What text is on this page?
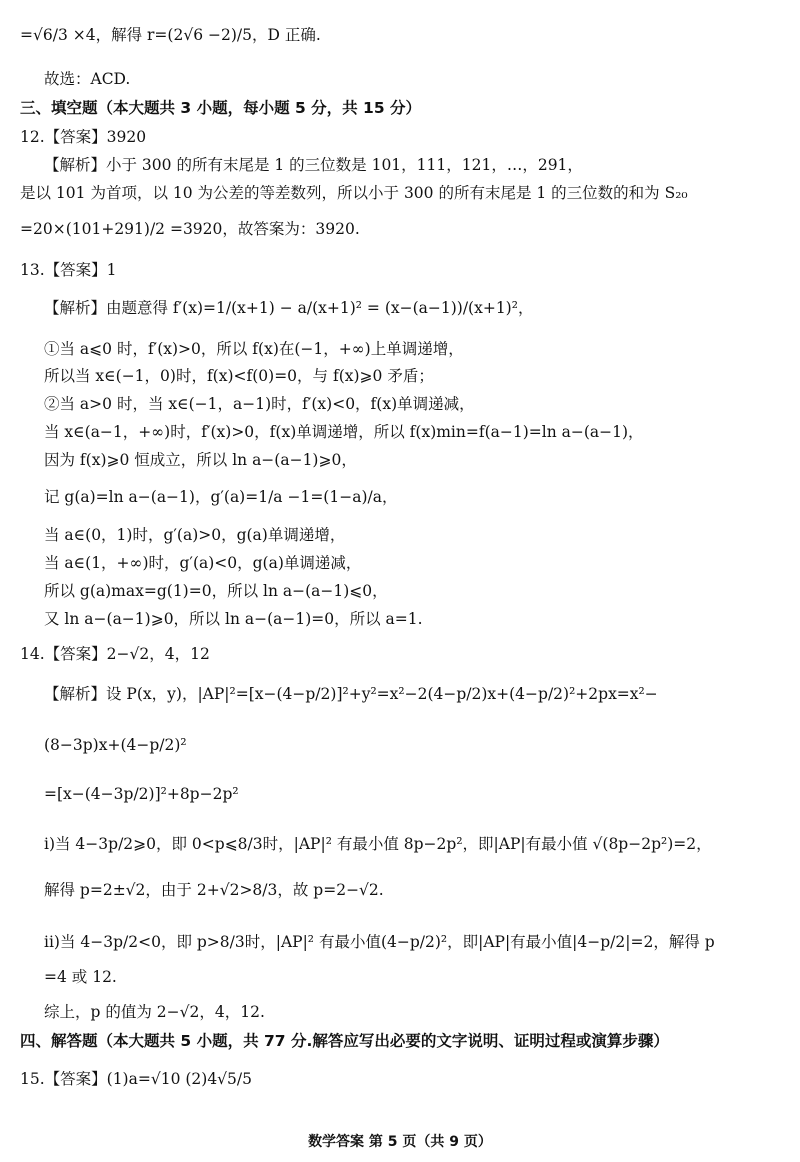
=√6/3 ×4，解得 r=(2√6 −2)/5，D 正确.
故选：ACD.
三、填空题（本大题共 3 小题，每小题 5 分，共 15 分）
12.【答案】3920
【解析】小于 300 的所有末尾是 1 的三位数是 101，111，121，…，291，
是以 101 为首项，以 10 为公差的等差数列，所以小于 300 的所有末尾是 1 的三位数的和为 S₂₀
=20×(101+291)/2 =3920，故答案为：3920.
13.【答案】1
【解析】由题意得 f′(x)=1/(x+1) − a/(x+1)² = (x−(a−1))/(x+1)²，
①当 a⩽0 时，f′(x)>0，所以 f(x)在(−1，+∞)上单调递增，
所以当 x∈(−1，0)时，f(x)<f(0)=0，与 f(x)⩾0 矛盾；
②当 a>0 时，当 x∈(−1，a−1)时，f′(x)<0，f(x)单调递减，
当 x∈(a−1，+∞)时，f′(x)>0，f(x)单调递增，所以 f(x)min=f(a−1)=ln a−(a−1)，
因为 f(x)⩾0 恒成立，所以 ln a−(a−1)⩾0，
记 g(a)=ln a−(a−1)，g′(a)=1/a −1=(1−a)/a，
当 a∈(0，1)时，g′(a)>0，g(a)单调递增，
当 a∈(1，+∞)时，g′(a)<0，g(a)单调递减，
所以 g(a)max=g(1)=0，所以 ln a−(a−1)⩽0，
又 ln a−(a−1)⩾0，所以 ln a−(a−1)=0，所以 a=1.
14.【答案】2−√2，4，12
【解析】设 P(x，y)，|AP|²=[x−(4−p/2)]²+y²=x²−2(4−p/2)x+(4−p/2)²+2px=x²−
(8−3p)x+(4−p/2)²
=[x−(4−3p/2)]²+8p−2p²
i)当 4−3p/2⩾0，即 0<p⩽8/3时，|AP|² 有最小值 8p−2p²，即|AP|有最小值 √(8p−2p²)=2，
解得 p=2±√2，由于 2+√2>8/3，故 p=2−√2.
ii)当 4−3p/2<0，即 p>8/3时，|AP|² 有最小值(4−p/2)²，即|AP|有最小值|4−p/2|=2，解得 p
=4 或 12.
综上，p 的值为 2−√2，4，12.
四、解答题（本大题共 5 小题，共 77 分.解答应写出必要的文字说明、证明过程或演算步骤）
15.【答案】(1)a=√10 (2)4√5/5
数学答案 第 5 页（共 9 页）
